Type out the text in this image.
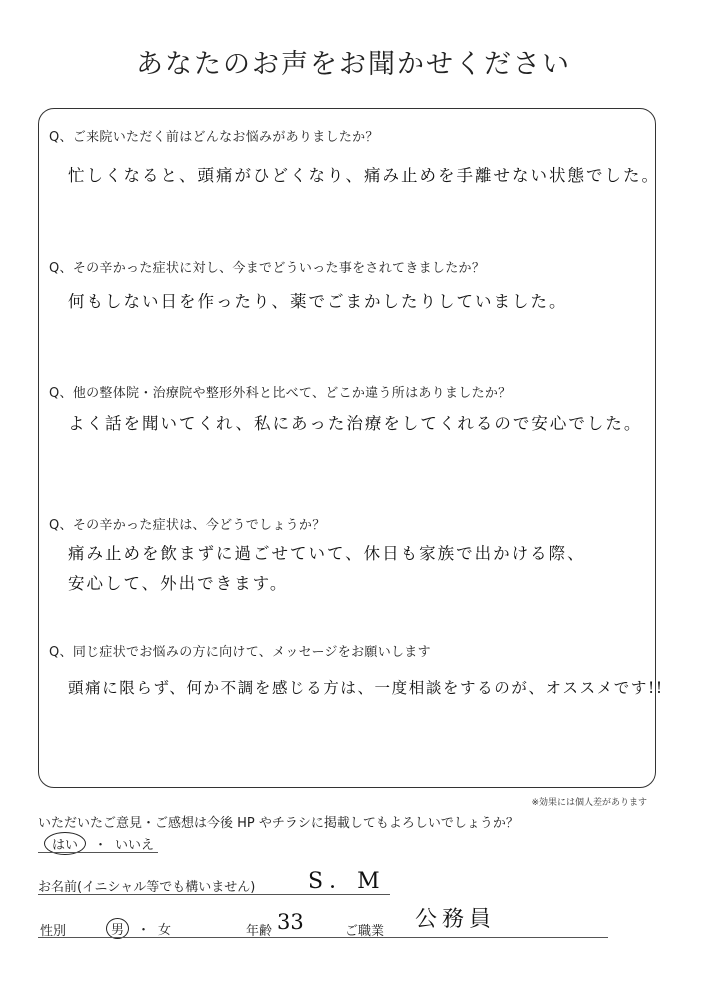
あなたのお声をお聞かせください
Q、ご来院いただく前はどんなお悩みがありましたか？
忙しくなると、頭痛がひどくなり、痛み止めを手離せない状態でした。
Q、その辛かった症状に対し、今までどういった事をされてきましたか？
何もしない日を作ったり、薬でごまかしたりしていました。
Q、他の整体院・治療院や整形外科と比べて、どこか違う所はありましたか？
よく話を聞いてくれ、私にあった治療をしてくれるので安心でした。
Q、その辛かった症状は、今どうでしょうか？
痛み止めを飲まずに過ごせていて、休日も家族で出かける際、
安心して、外出できます。
Q、同じ症状でお悩みの方に向けて、メッセージをお願いします
頭痛に限らず、何か不調を感じる方は、一度相談をするのが、オススメです!!
※効果には個人差があります
いただいたご意見・ご感想は今後 HP やチラシに掲載してもよろしいでしょうか？
はい	・ いいえ
お名前(イニシャル等でも構いません) S．M
性別	男	・ 女	年齢 33	ご職業 公務員
